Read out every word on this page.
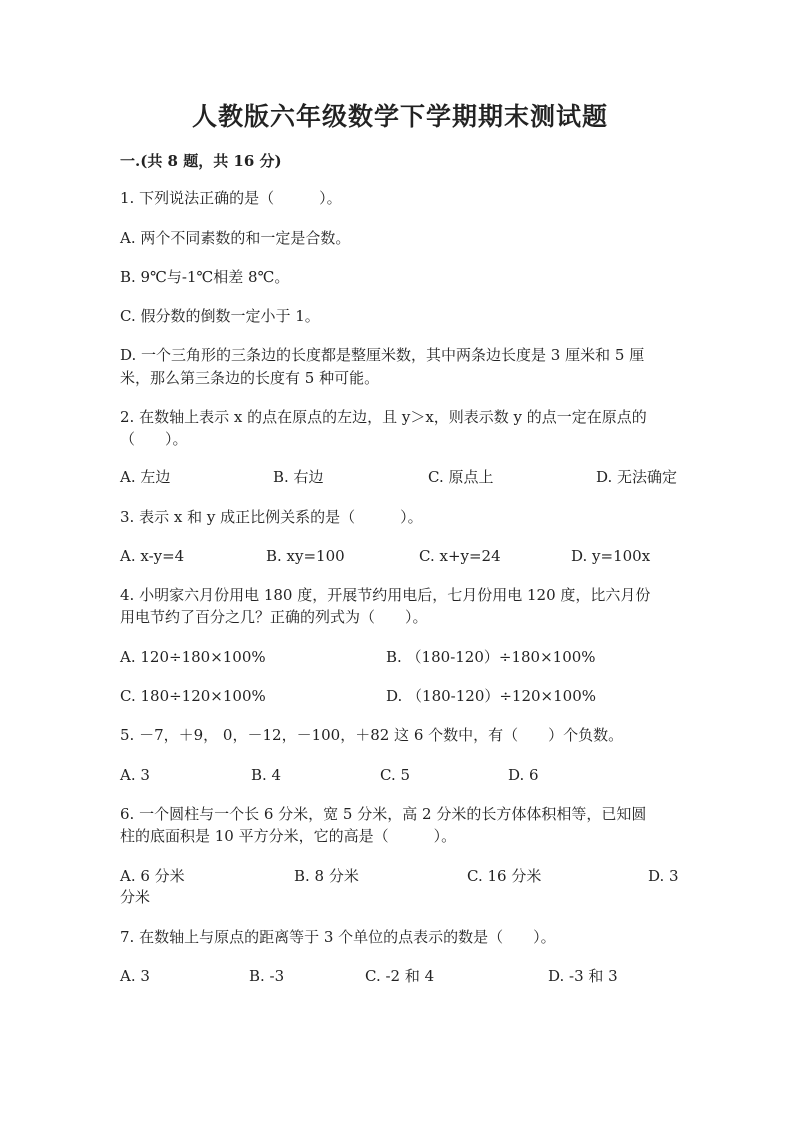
人教版六年级数学下学期期末测试题
一.(共 8 题，共 16 分)
1. 下列说法正确的是（　　　）。
A. 两个不同素数的和一定是合数。
B. 9℃与-1℃相差 8℃。
C. 假分数的倒数一定小于 1。
D. 一个三角形的三条边的长度都是整厘米数，其中两条边长度是 3 厘米和 5 厘
米，那么第三条边的长度有 5 种可能。
2. 在数轴上表示 x 的点在原点的左边，且 y＞x，则表示数 y 的点一定在原点的
（　　）。
A. 左边	B. 右边	C. 原点上	D. 无法确定
3. 表示 x 和 y 成正比例关系的是（　　　）。
A. x-y=4	B. xy=100	C. x+y=24	D. y=100x
4. 小明家六月份用电 180 度，开展节约用电后，七月份用电 120 度，比六月份
用电节约了百分之几？正确的列式为（　　）。
A. 120÷180×100%	B. （180-120）÷180×100%
C. 180÷120×100%	D. （180-120）÷120×100%
5. －7，＋9， 0，－12，－100，＋82 这 6 个数中，有（　　）个负数。
A. 3	B. 4	C. 5	D. 6
6. 一个圆柱与一个长 6 分米，宽 5 分米，高 2 分米的长方体体积相等，已知圆
柱的底面积是 10 平方分米，它的高是（　　　）。
A. 6 分米	B. 8 分米	C. 16 分米	D. 3
分米
7. 在数轴上与原点的距离等于 3 个单位的点表示的数是（　　）。
A. 3	B. -3	C. -2 和 4	D. -3 和 3
